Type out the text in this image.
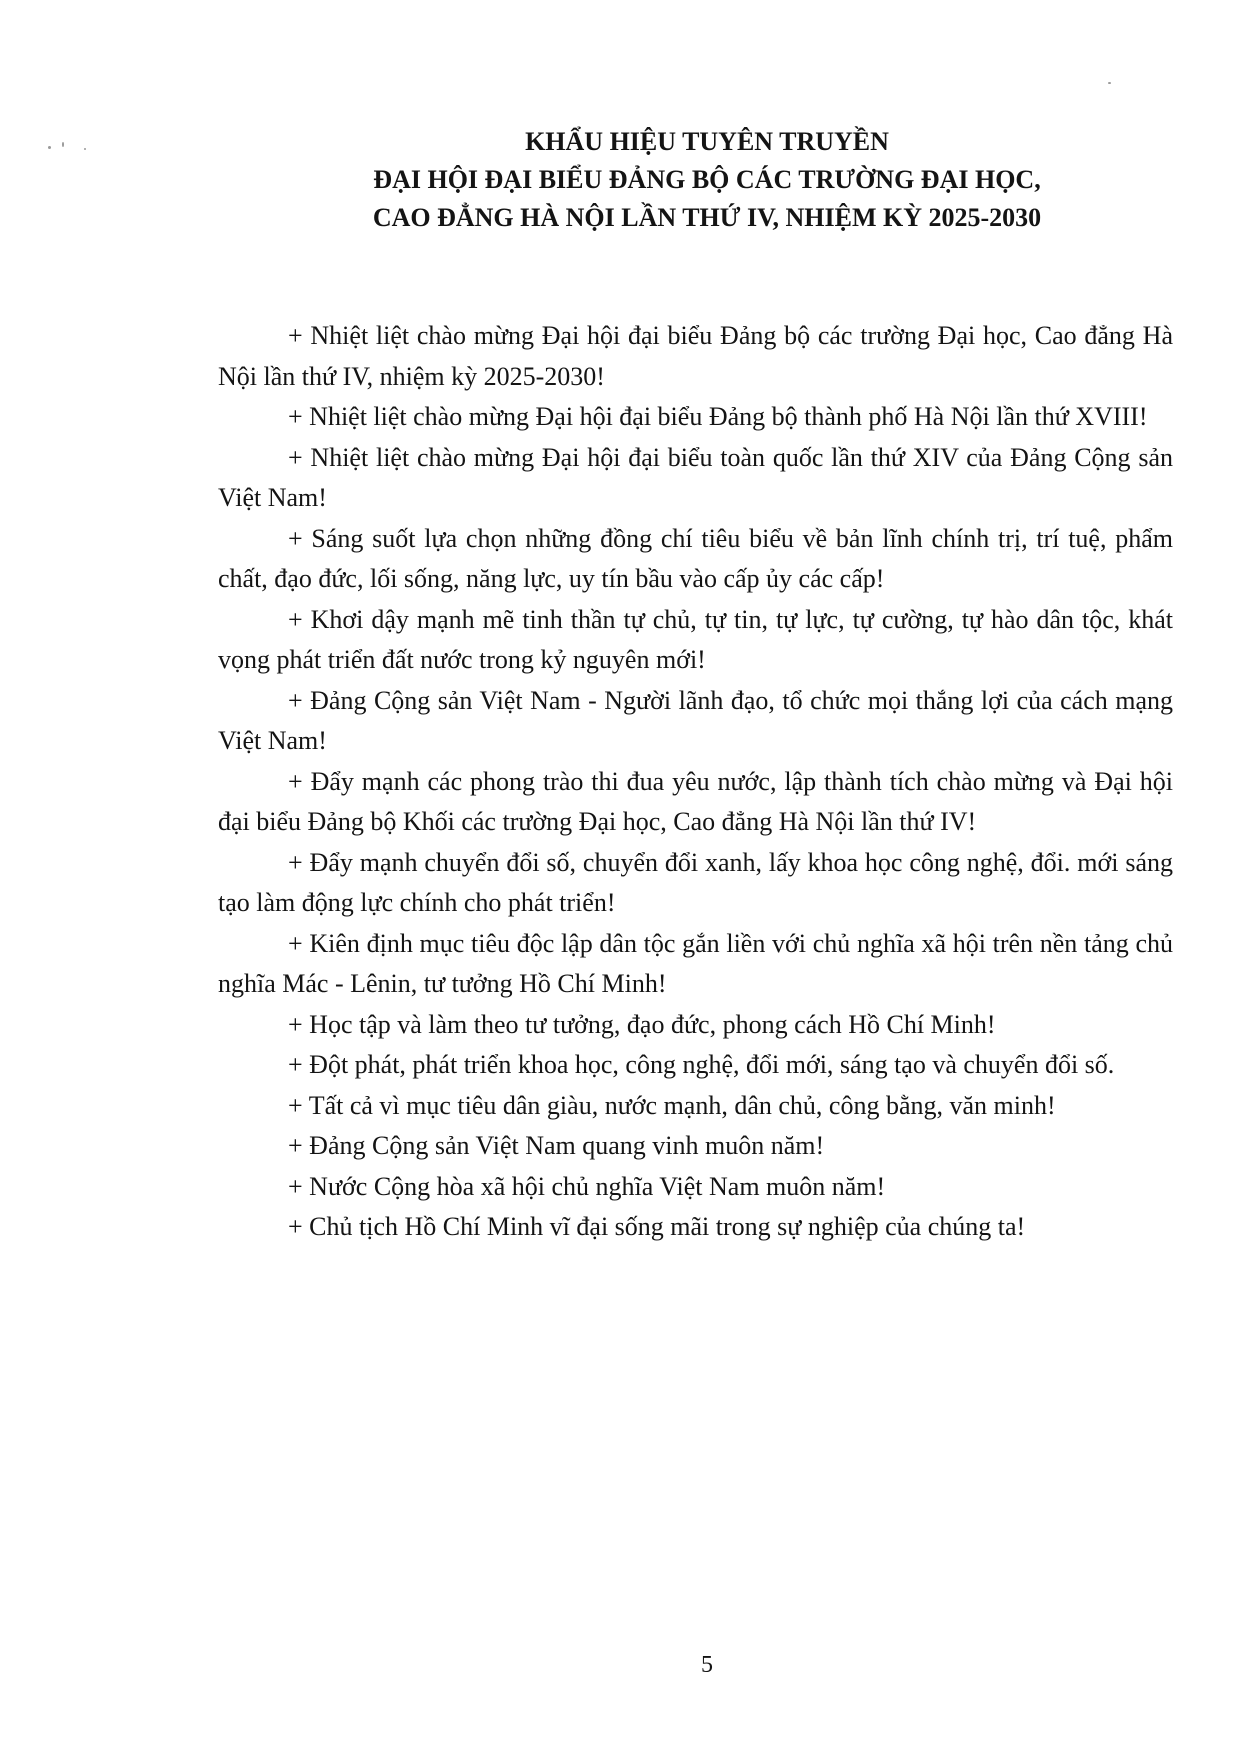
KHẨU HIỆU TUYÊN TRUYỀN
ĐẠI HỘI ĐẠI BIỂU ĐẢNG BỘ CÁC TRƯỜNG ĐẠI HỌC,
CAO ĐẲNG HÀ NỘI LẦN THỨ IV, NHIỆM KỲ 2025-2030

+ Nhiệt liệt chào mừng Đại hội đại biểu Đảng bộ các trường Đại học, Cao đẳng Hà Nội lần thứ IV, nhiệm kỳ 2025-2030!

+ Nhiệt liệt chào mừng Đại hội đại biểu Đảng bộ thành phố Hà Nội lần thứ XVIII!

+ Nhiệt liệt chào mừng Đại hội đại biểu toàn quốc lần thứ XIV của Đảng Cộng sản Việt Nam!

+ Sáng suốt lựa chọn những đồng chí tiêu biểu về bản lĩnh chính trị, trí tuệ, phẩm chất, đạo đức, lối sống, năng lực, uy tín bầu vào cấp ủy các cấp!

+ Khơi dậy mạnh mẽ tinh thần tự chủ, tự tin, tự lực, tự cường, tự hào dân tộc, khát vọng phát triển đất nước trong kỷ nguyên mới!

+ Đảng Cộng sản Việt Nam - Người lãnh đạo, tổ chức mọi thắng lợi của cách mạng Việt Nam!

+ Đẩy mạnh các phong trào thi đua yêu nước, lập thành tích chào mừng và Đại hội đại biểu Đảng bộ Khối các trường Đại học, Cao đẳng Hà Nội lần thứ IV!

+ Đẩy mạnh chuyển đổi số, chuyển đổi xanh, lấy khoa học công nghệ, đổi. mới sáng tạo làm động lực chính cho phát triển!

+ Kiên định mục tiêu độc lập dân tộc gắn liền với chủ nghĩa xã hội trên nền tảng chủ nghĩa Mác - Lênin, tư tưởng Hồ Chí Minh!

+ Học tập và làm theo tư tưởng, đạo đức, phong cách Hồ Chí Minh!

+ Đột phát, phát triển khoa học, công nghệ, đổi mới, sáng tạo và chuyển đổi số.

+ Tất cả vì mục tiêu dân giàu, nước mạnh, dân chủ, công bằng, văn minh!

+ Đảng Cộng sản Việt Nam quang vinh muôn năm!

+ Nước Cộng hòa xã hội chủ nghĩa Việt Nam muôn năm!

+ Chủ tịch Hồ Chí Minh vĩ đại sống mãi trong sự nghiệp của chúng ta!

5
